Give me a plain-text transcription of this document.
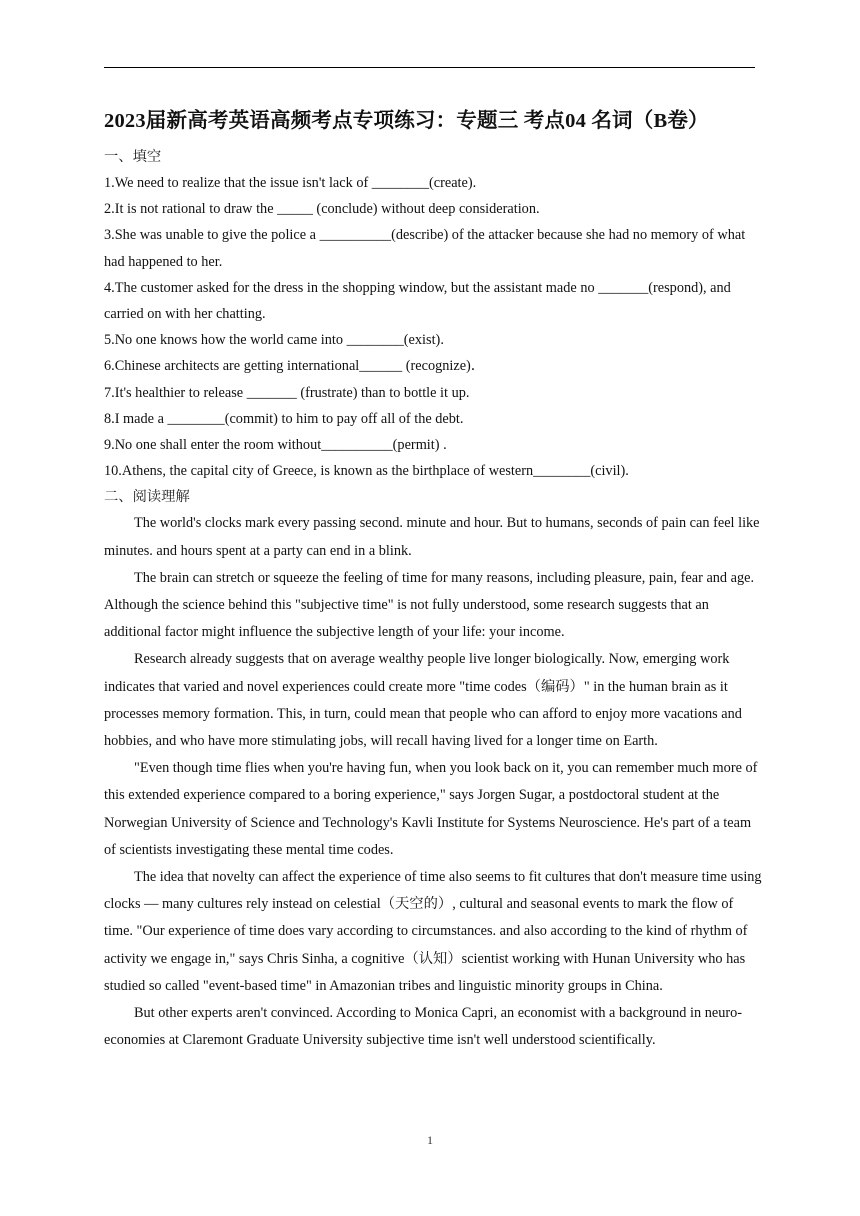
2023届新高考英语高频考点专项练习：专题三 考点04 名词（B卷）
一、填空
1.We need to realize that the issue isn't lack of ________(create).
2.It is not rational to draw the _____ (conclude) without deep consideration.
3.She was unable to give the police a __________(describe) of the attacker because she had no memory of what had happened to her.
4.The customer asked for the dress in the shopping window, but the assistant made no _______(respond), and carried on with her chatting.
5.No one knows how the world came into ________(exist).
6.Chinese architects are getting international______ (recognize)．
7.It's healthier to release _______ (frustrate) than to bottle it up.
8.I made a ________(commit) to him to pay off all of the debt.
9.No one shall enter the room without__________(permit) .
10.Athens, the capital city of Greece, is known as the birthplace of western________(civil).
二、阅读理解
The world's clocks mark every passing second. minute and hour. But to humans, seconds of pain can feel like minutes. and hours spent at a party can end in a blink.
The brain can stretch or squeeze the feeling of time for many reasons, including pleasure, pain, fear and age. Although the science behind this "subjective time" is not fully understood, some research suggests that an additional factor might influence the subjective length of your life: your income.
Research already suggests that on average wealthy people live longer biologically. Now, emerging work indicates that varied and novel experiences could create more "time codes（编码）" in the human brain as it processes memory formation. This, in turn, could mean that people who can afford to enjoy more vacations and hobbies, and who have more stimulating jobs, will recall having lived for a longer time on Earth.
"Even though time flies when you're having fun, when you look back on it, you can remember much more of this extended experience compared to a boring experience," says Jorgen Sugar, a postdoctoral student at the Norwegian University of Science and Technology's Kavli Institute for Systems Neuroscience. He's part of a team of scientists investigating these mental time codes.
The idea that novelty can affect the experience of time also seems to fit cultures that don't measure time using clocks — many cultures rely instead on celestial（天空的）, cultural and seasonal events to mark the flow of time. "Our experience of time does vary according to circumstances. and also according to the kind of rhythm of activity we engage in," says Chris Sinha, a cognitive（认知）scientist working with Hunan University who has studied so called "event-based time" in Amazonian tribes and linguistic minority groups in China.
But other experts aren't convinced. According to Monica Capri, an economist with a background in neuro- economies at Claremont Graduate University subjective time isn't well understood scientifically.
1
